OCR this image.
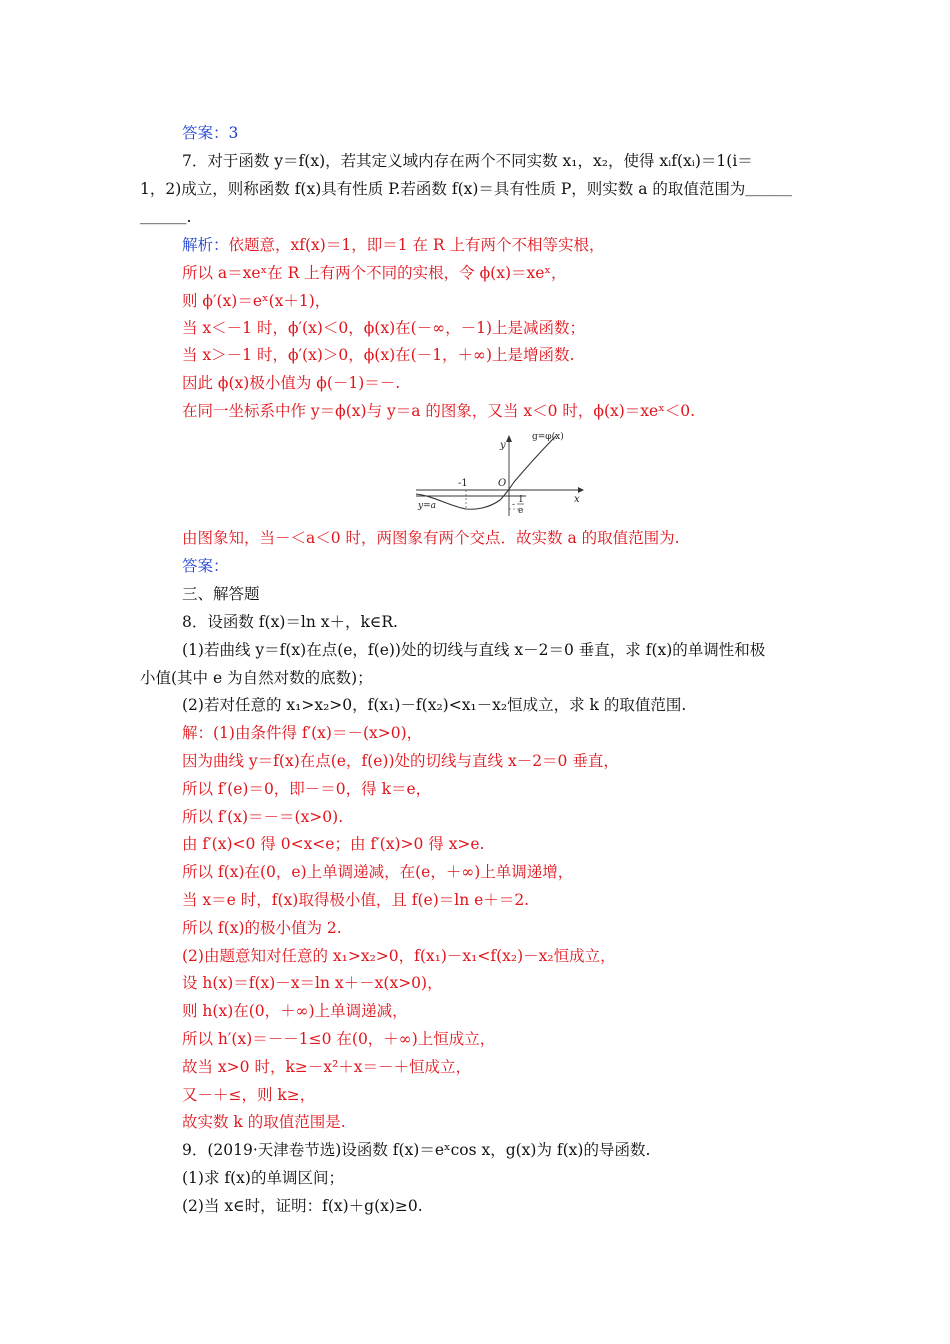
答案：3
7．对于函数 y＝f(x)，若其定义域内存在两个不同实数 x₁，x₂，使得 xᵢf(xᵢ)＝1(i＝
1，2)成立，则称函数 f(x)具有性质 P.若函数 f(x)＝具有性质 P，则实数 a 的取值范围为＿＿＿
＿＿＿.
解析：依题意，xf(x)＝1，即＝1 在 R 上有两个不相等实根，
所以 a＝xeˣ在 R 上有两个不同的实根，令 ϕ(x)＝xeˣ，
则 ϕ′(x)＝eˣ(x＋1)，
当 x＜－1 时，ϕ′(x)＜0，ϕ(x)在(－∞，－1)上是减函数；
当 x＞－1 时，ϕ′(x)＞0，ϕ(x)在(－1，＋∞)上是增函数.
因此 ϕ(x)极小值为 ϕ(－1)＝－.
在同一坐标系中作 y＝ϕ(x)与 y＝a 的图象，又当 x＜0 时，ϕ(x)＝xeˣ＜0.
g=φ(x)
y
x
O
-1
y=a	- 1
e
由图象知，当－＜a＜0 时，两图象有两个交点．故实数 a 的取值范围为.
答案：
三、解答题
8．设函数 f(x)＝ln x＋，k∈R.
(1)若曲线 y＝f(x)在点(e，f(e))处的切线与直线 x－2＝0 垂直，求 f(x)的单调性和极
小值(其中 e 为自然对数的底数)；
(2)若对任意的 x₁>x₂>0，f(x₁)－f(x₂)<x₁－x₂恒成立，求 k 的取值范围.
解：(1)由条件得 f′(x)＝－(x>0)，
因为曲线 y＝f(x)在点(e，f(e))处的切线与直线 x－2＝0 垂直，
所以 f′(e)＝0，即－＝0，得 k＝e，
所以 f′(x)＝－＝(x>0).
由 f′(x)<0 得 0<x<e；由 f′(x)>0 得 x>e.
所以 f(x)在(0，e)上单调递减，在(e，＋∞)上单调递增，
当 x＝e 时，f(x)取得极小值，且 f(e)＝ln e＋＝2.
所以 f(x)的极小值为 2.
(2)由题意知对任意的 x₁>x₂>0，f(x₁)－x₁<f(x₂)－x₂恒成立，
设 h(x)＝f(x)－x＝ln x＋－x(x>0)，
则 h(x)在(0，＋∞)上单调递减，
所以 h′(x)＝－－1≤0 在(0，＋∞)上恒成立，
故当 x>0 时，k≥－x²＋x＝－＋恒成立，
又－＋≤，则 k≥，
故实数 k 的取值范围是.
9．(2019·天津卷节选)设函数 f(x)＝eˣcos x，g(x)为 f(x)的导函数.
(1)求 f(x)的单调区间；
(2)当 x∈时，证明：f(x)＋g(x)≥0.
